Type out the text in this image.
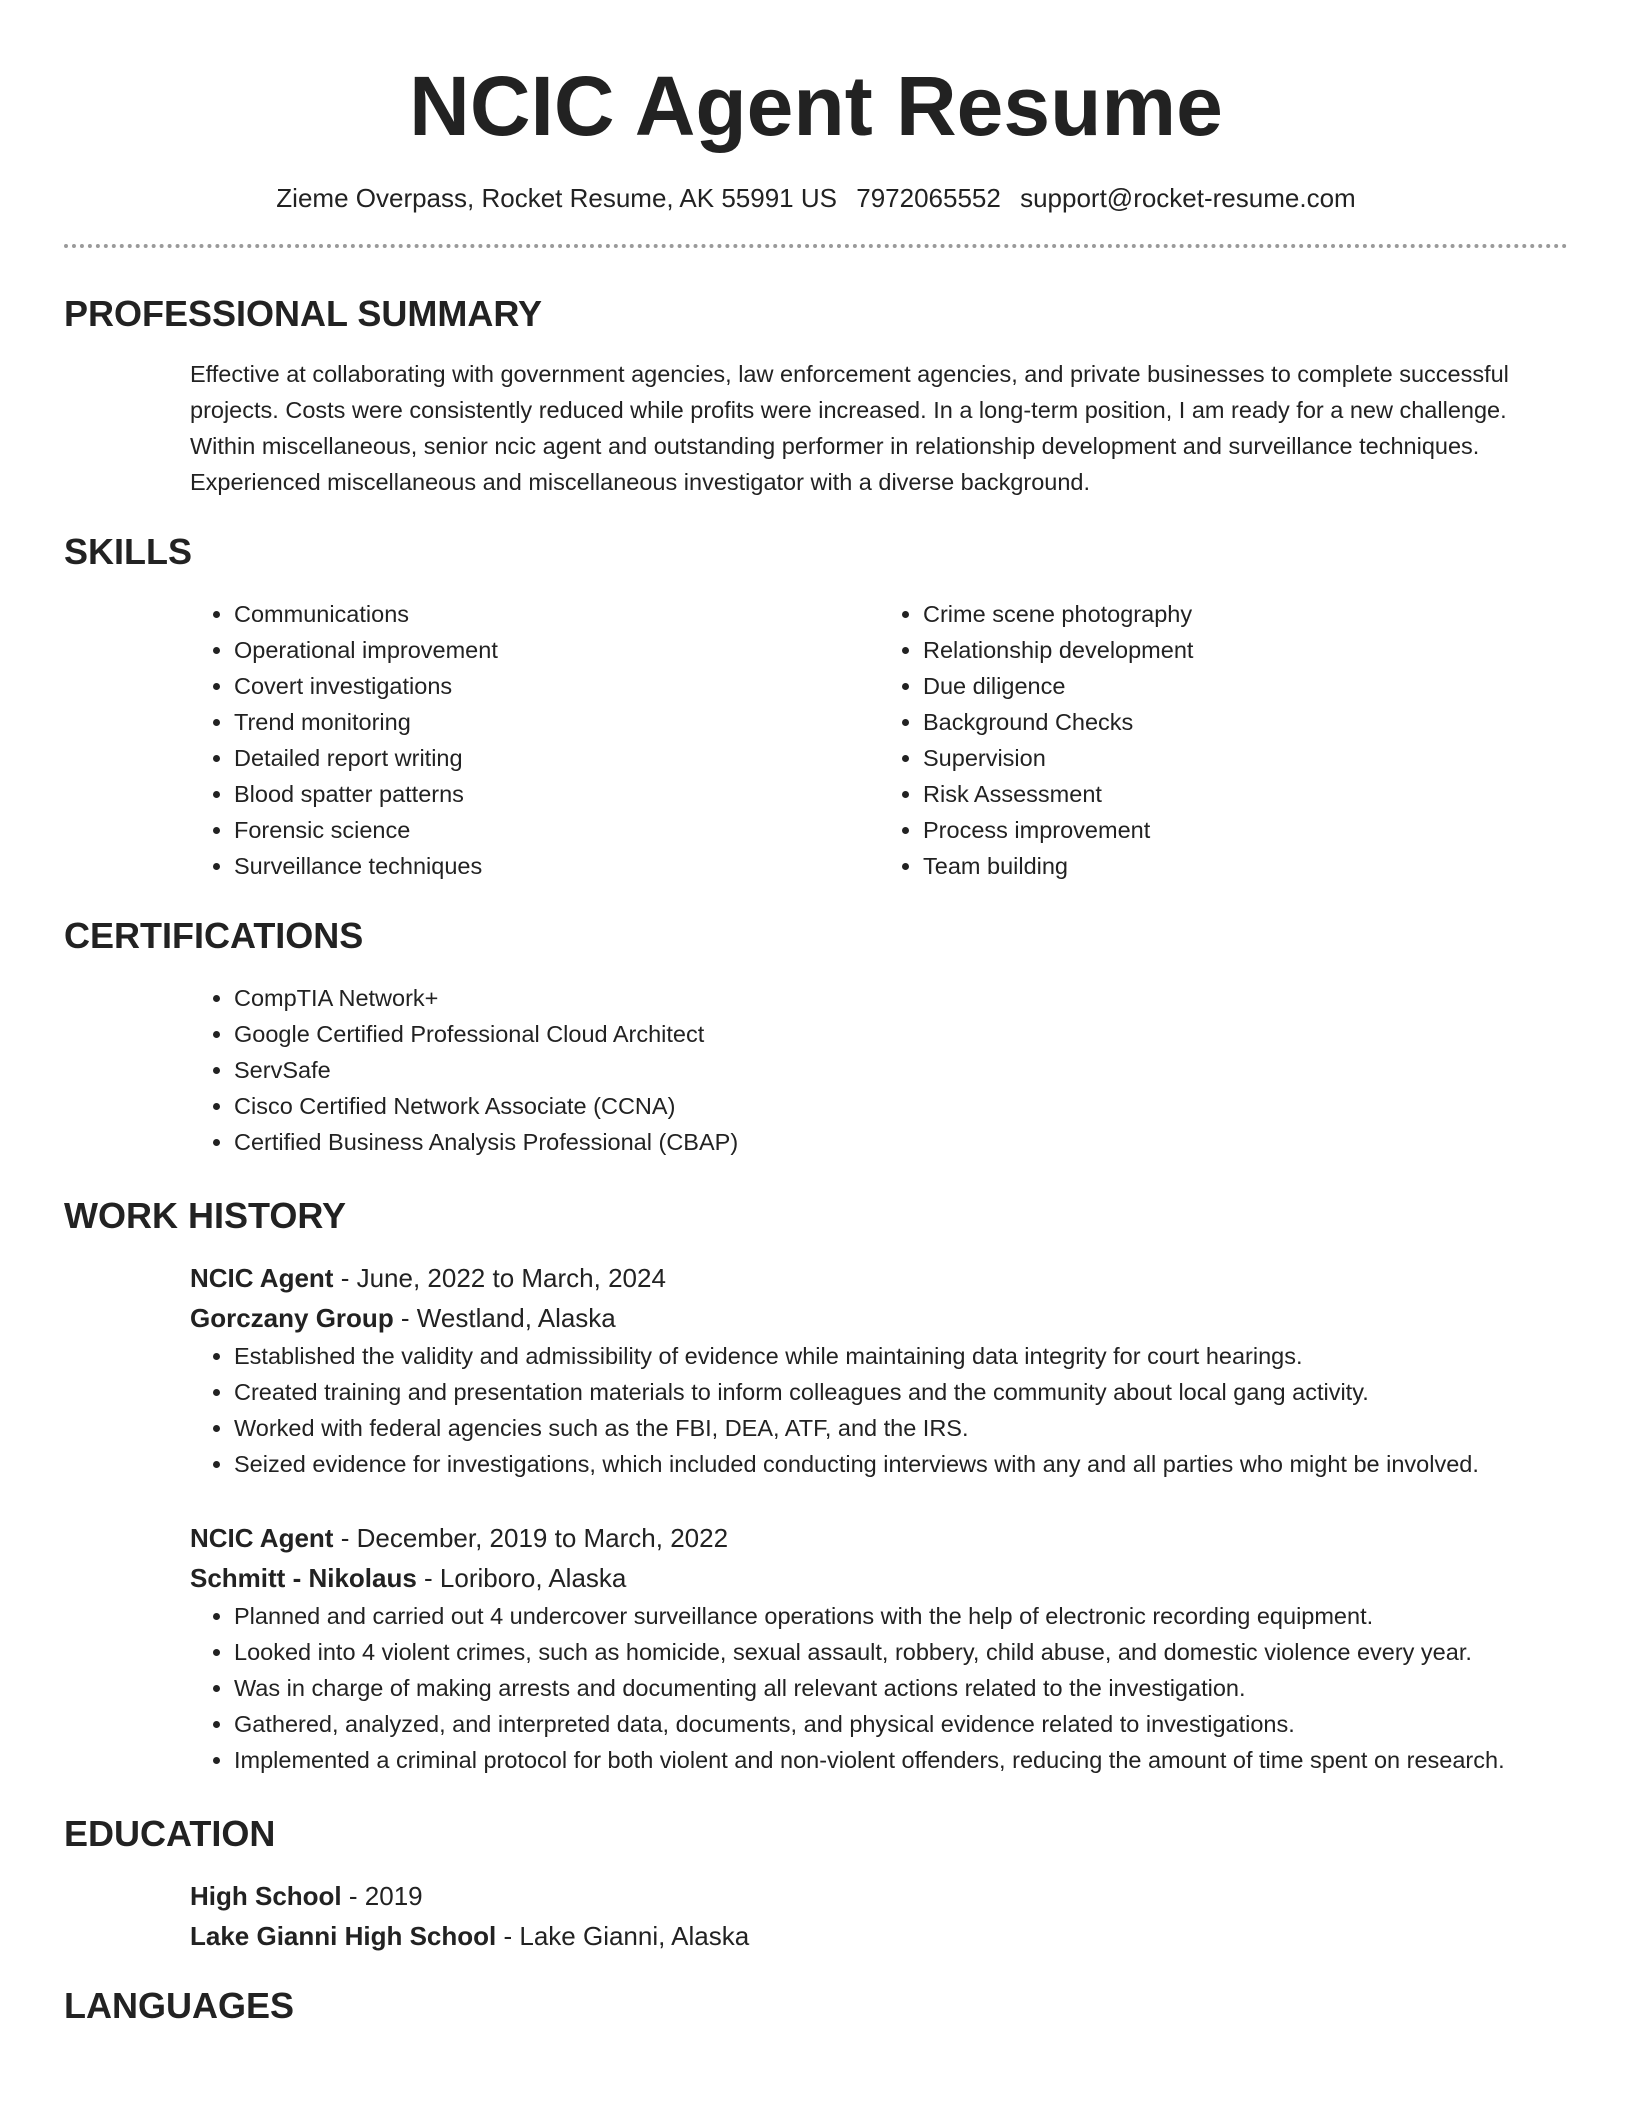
NCIC Agent Resume
Zieme Overpass, Rocket Resume, AK 55991 US 7972065552 support@rocket-resume.com
PROFESSIONAL SUMMARY
Effective at collaborating with government agencies, law enforcement agencies, and private businesses to complete successful projects. Costs were consistently reduced while profits were increased. In a long-term position, I am ready for a new challenge. Within miscellaneous, senior ncic agent and outstanding performer in relationship development and surveillance techniques. Experienced miscellaneous and miscellaneous investigator with a diverse background.
SKILLS
• Communications
• Operational improvement
• Covert investigations
• Trend monitoring
• Detailed report writing
• Blood spatter patterns
• Forensic science
• Surveillance techniques
• Crime scene photography
• Relationship development
• Due diligence
• Background Checks
• Supervision
• Risk Assessment
• Process improvement
• Team building
CERTIFICATIONS
• CompTIA Network+
• Google Certified Professional Cloud Architect
• ServSafe
• Cisco Certified Network Associate (CCNA)
• Certified Business Analysis Professional (CBAP)
WORK HISTORY
NCIC Agent - June, 2022 to March, 2024
Gorczany Group - Westland, Alaska
• Established the validity and admissibility of evidence while maintaining data integrity for court hearings.
• Created training and presentation materials to inform colleagues and the community about local gang activity.
• Worked with federal agencies such as the FBI, DEA, ATF, and the IRS.
• Seized evidence for investigations, which included conducting interviews with any and all parties who might be involved.
NCIC Agent - December, 2019 to March, 2022
Schmitt - Nikolaus - Loriboro, Alaska
• Planned and carried out 4 undercover surveillance operations with the help of electronic recording equipment.
• Looked into 4 violent crimes, such as homicide, sexual assault, robbery, child abuse, and domestic violence every year.
• Was in charge of making arrests and documenting all relevant actions related to the investigation.
• Gathered, analyzed, and interpreted data, documents, and physical evidence related to investigations.
• Implemented a criminal protocol for both violent and non-violent offenders, reducing the amount of time spent on research.
EDUCATION
High School - 2019
Lake Gianni High School - Lake Gianni, Alaska
LANGUAGES
